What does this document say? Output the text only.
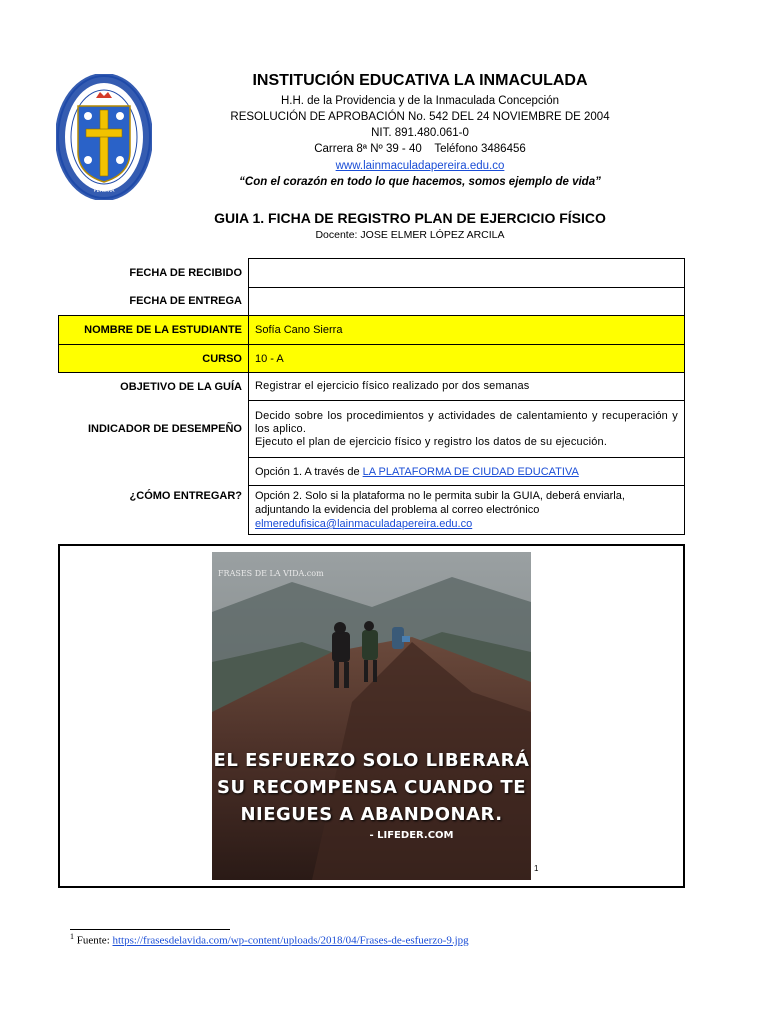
PEREIRA
INSTITUCIÓN EDUCATIVA LA INMACULADA
H.H. de la Providencia y de la Inmaculada Concepción
RESOLUCIÓN DE APROBACIÓN No. 542 DEL 24 NOVIEMBRE DE 2004
NIT. 891.480.061-0
Carrera 8ª Nº 39 - 40    Teléfono 3486456
www.lainmaculadapereira.edu.co
“Con el corazón en todo lo que hacemos, somos ejemplo de vida”
GUIA 1. FICHA DE REGISTRO PLAN DE EJERCICIO FÍSICO
Docente: JOSE ELMER LÓPEZ ARCILA
FECHA DE RECIBIDO	
FECHA DE ENTREGA	
NOMBRE DE LA ESTUDIANTE	Sofía Cano Sierra
CURSO	10 - A
OBJETIVO DE LA GUÍA	Registrar el ejercicio físico realizado por dos semanas
INDICADOR DE DESEMPEÑO	Decido sobre los procedimientos y actividades de calentamiento y recuperación y los aplico.
Ejecuto el plan de ejercicio físico y registro los datos de su ejecución.

¿CÓMO ENTREGAR?	Opción 1. A través de LA PLATAFORMA DE CIUDAD EDUCATIVA
	Opción 2. Solo si la plataforma no le permita subir la GUIA, deberá enviarla, adjuntando la evidencia del problema al correo electrónico elmeredufisica@lainmaculadapereira.edu.co
FRASES DE LA VIDA.com
EL ESFUERZO SOLO LIBERARÁ
SU RECOMPENSA CUANDO TE
NIEGUES A ABANDONAR.
- LIFEDER.COM
1
$^1$ Fuente: https://frasesdelavida.com/wp-content/uploads/2018/04/Frases-de-esfuerzo-9.jpg
